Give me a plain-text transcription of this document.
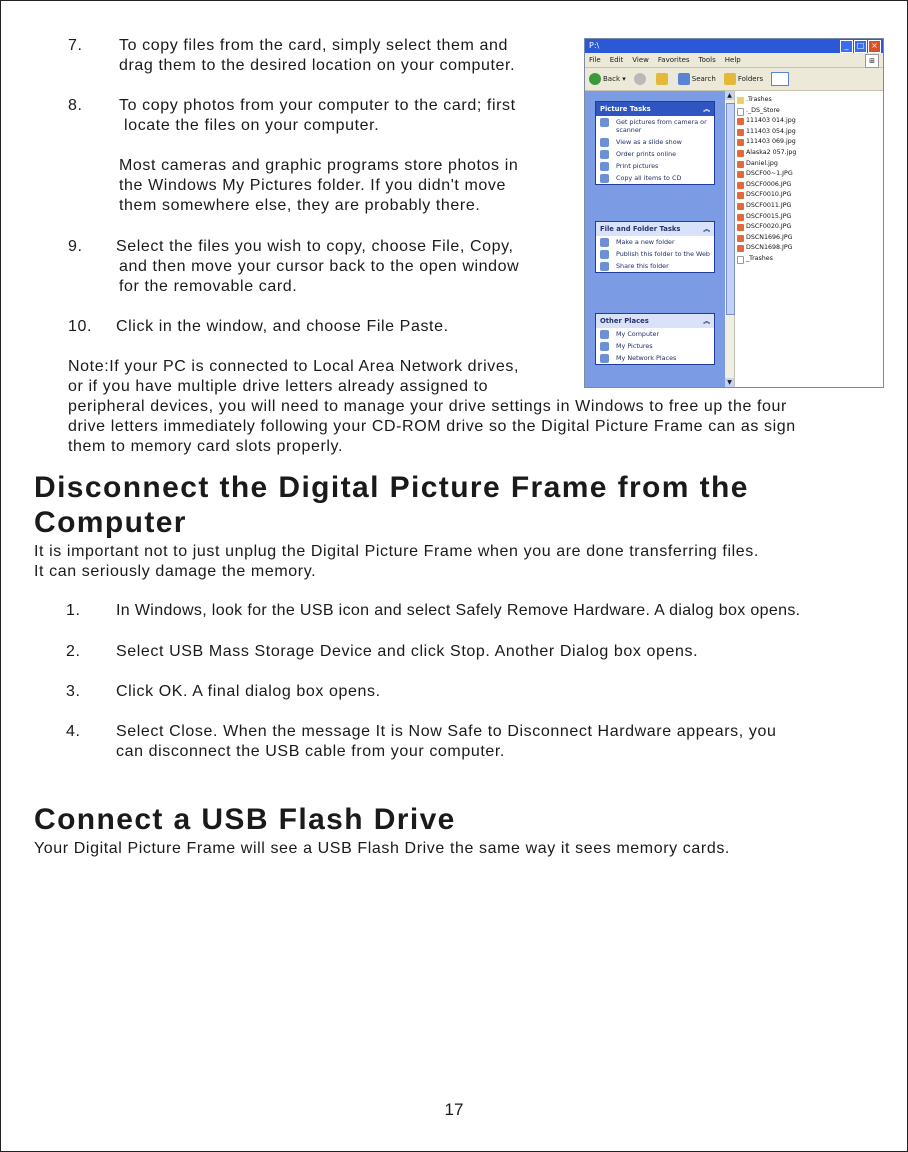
7. To copy files from the card, simply select them and
drag them to the desired location on your computer.
8. To copy photos from your computer to the card; first
locate the files on your computer.
Most cameras and graphic programs store photos in
the Windows My Pictures folder. If you didn't move
them somewhere else, they are probably there.
9. Select the files you wish to copy, choose File, Copy,
and then move your cursor back to the open window
for the removable card.
10. Click in the window, and choose File Paste.
Note:If your PC is connected to Local Area Network drives,
or if you have multiple drive letters already assigned to
peripheral devices, you will need to manage your drive settings in Windows to free up the four
drive letters immediately following your CD-ROM drive so the Digital Picture Frame can as sign
them to memory card slots properly.
P:\	_	□ ×
File Edit View Favorites Tools Help	⊞
Back ▾	Search	Folders
Picture Tasks	︽
Get pictures from camera or scanner
View as a slide show
Order prints online
Print pictures
Copy all items to CD
File and Folder Tasks	︽
Make a new folder
Publish this folder to the Web
Share this folder
Other Places	︽
My Computer
My Pictures
My Network Places
▲
▼
.Trashes
._DS_Store
111403 014.jpg
111403 054.jpg
111403 069.jpg
Alaska2 057.jpg
Daniel.jpg
DSCF00~1.JPG
DSCF0006.JPG
DSCF0010.JPG
DSCF0011.JPG
DSCF0015.JPG
DSCF0020.JPG
DSCN1696.JPG
DSCN1698.JPG
_Trashes
Disconnect the Digital Picture Frame from the
Computer
It is important not to just unplug the Digital Picture Frame when you are done transferring files.
It can seriously damage the memory.
1. In Windows, look for the USB icon and select Safely Remove Hardware. A dialog box opens.
2. Select USB Mass Storage Device and click Stop. Another Dialog box opens.
3. Click OK. A final dialog box opens.
4. Select Close. When the message It is Now Safe to Disconnect Hardware appears, you
can disconnect the USB cable from your computer.
Connect a USB Flash Drive
Your Digital Picture Frame will see a USB Flash Drive the same way it sees memory cards.
17
